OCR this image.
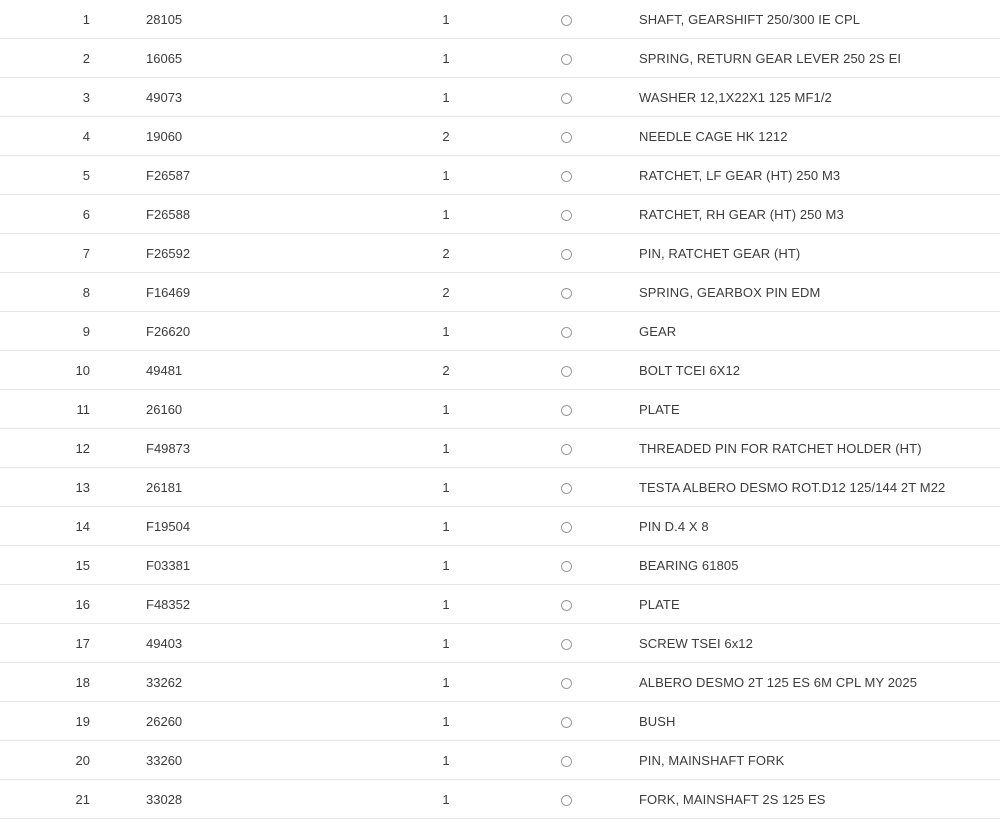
1	28105	1		SHAFT, GEARSHIFT 250/300 IE CPL
2	16065	1		SPRING, RETURN GEAR LEVER 250 2S EI
3	49073	1		WASHER 12,1X22X1 125 MF1/2
4	19060	2		NEEDLE CAGE HK 1212
5	F26587	1		RATCHET, LF GEAR (HT) 250 M3
6	F26588	1		RATCHET, RH GEAR (HT) 250 M3
7	F26592	2		PIN, RATCHET GEAR (HT)
8	F16469	2		SPRING, GEARBOX PIN EDM
9	F26620	1		GEAR
10	49481	2		BOLT TCEI 6X12
11	26160	1		PLATE
12	F49873	1		THREADED PIN FOR RATCHET HOLDER (HT)
13	26181	1		TESTA ALBERO DESMO ROT.D12 125/144 2T M22
14	F19504	1		PIN D.4 X 8
15	F03381	1		BEARING 61805
16	F48352	1		PLATE
17	49403	1		SCREW TSEI 6x12
18	33262	1		ALBERO DESMO 2T 125 ES 6M CPL MY 2025
19	26260	1		BUSH
20	33260	1		PIN, MAINSHAFT FORK
21	33028	1		FORK, MAINSHAFT 2S 125 ES
